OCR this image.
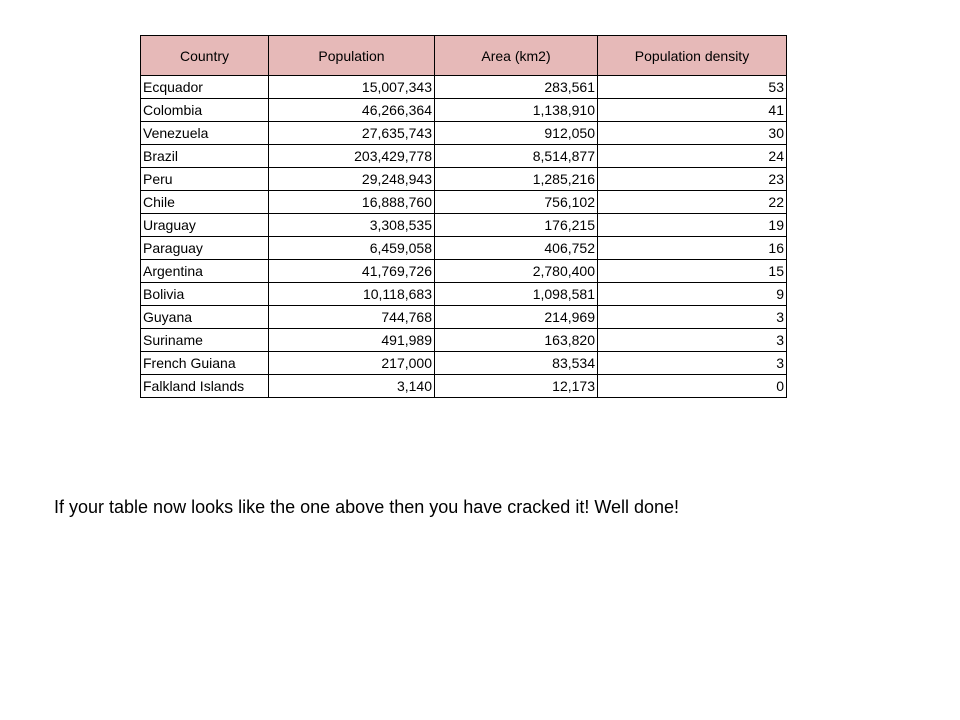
Country	Population	Area (km2)	Population density
Ecquador	15,007,343	283,561	53
Colombia	46,266,364	1,138,910	41
Venezuela	27,635,743	912,050	30
Brazil	203,429,778	8,514,877	24
Peru	29,248,943	1,285,216	23
Chile	16,888,760	756,102	22
Uraguay	3,308,535	176,215	19
Paraguay	6,459,058	406,752	16
Argentina	41,769,726	2,780,400	15
Bolivia	10,118,683	1,098,581	9
Guyana	744,768	214,969	3
Suriname	491,989	163,820	3
French Guiana	217,000	83,534	3
Falkland Islands	3,140	12,173	0
If your table now looks like the one above then you have cracked it! Well done!
